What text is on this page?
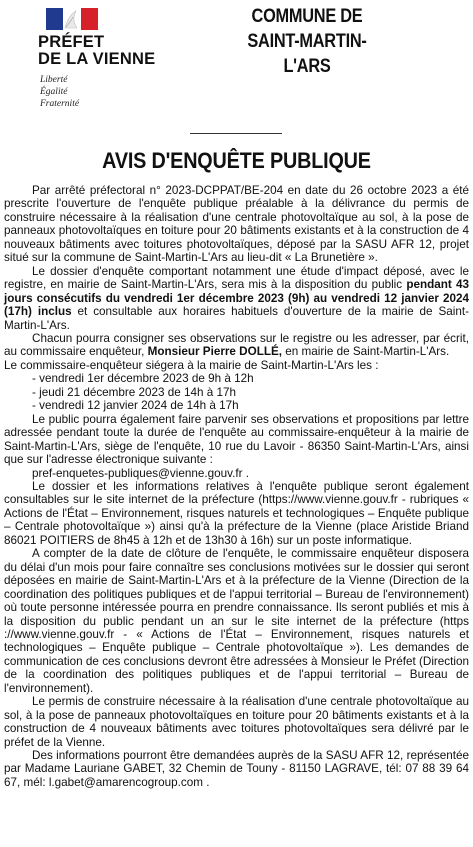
PRÉFET
DE LA VIENNE
Liberté
Égalité
Fraternité
COMMUNE DE
SAINT-MARTIN-L'ARS
AVIS D'ENQUÊTE PUBLIQUE

Par arrêté préfectoral n° 2023-DCPPAT/BE-204 en date du 26 octobre 2023 a été prescrite l'ouverture de l'enquête publique préalable à la délivrance du permis de construire nécessaire à la réalisation d'une centrale photovoltaïque au sol, à la pose de panneaux photovoltaïques en toiture pour 20 bâtiments existants et à la construction de 4 nouveaux bâtiments avec toitures photovoltaïques, déposé par la SASU AFR 12, projet situé sur la commune de Saint-Martin-L'Ars au lieu-dit « La Brunetière ».

Le dossier d'enquête comportant notamment une étude d'impact déposé, avec le registre, en mairie de Saint-Martin-L'Ars, sera mis à la disposition du public pendant 43 jours consécutifs du vendredi 1er décembre 2023 (9h) au vendredi 12 janvier 2024 (17h) inclus et consultable aux horaires habituels d'ouverture de la mairie de Saint-Martin-L'Ars.

Chacun pourra consigner ses observations sur le registre ou les adresser, par écrit, au commissaire enquêteur, Monsieur Pierre DOLLÉ, en mairie de Saint-Martin-L'Ars.

Le commissaire-enquêteur siégera à la mairie de Saint-Martin-L'Ars les :

- vendredi 1er décembre 2023 de 9h à 12h

- jeudi 21 décembre 2023 de 14h à 17h

- vendredi 12 janvier 2024 de 14h à 17h

Le public pourra également faire parvenir ses observations et propositions par lettre adressée pendant toute la durée de l'enquête au commissaire-enquêteur à la mairie de Saint-Martin-L'Ars, siège de l'enquête, 10 rue du Lavoir - 86350 Saint-Martin-L'Ars, ainsi que sur l'adresse électronique suivante :

pref-enquetes-publiques@vienne.gouv.fr .

Le dossier et les informations relatives à l'enquête publique seront également consultables sur le site internet de la préfecture (https://www.vienne.gouv.fr - rubriques « Actions de l'État – Environnement, risques naturels et technologiques – Enquête publique – Centrale photovoltaïque ») ainsi qu'à la préfecture de la Vienne (place Aristide Briand 86021 POITIERS de 8h45 à 12h et de 13h30 à 16h) sur un poste informatique.

A compter de la date de clôture de l'enquête, le commissaire enquêteur disposera du délai d'un mois pour faire connaître ses conclusions motivées sur le dossier qui seront déposées en mairie de Saint-Martin-L'Ars et à la préfecture de la Vienne (Direction de la coordination des politiques publiques et de l'appui territorial – Bureau de l'environnement) où toute personne intéressée pourra en prendre connaissance. Ils seront publiés et mis à la disposition du public pendant un an sur le site internet de la préfecture (https ://www.vienne.gouv.fr - « Actions de l'État – Environnement, risques naturels et technologiques – Enquête publique – Centrale photovoltaïque »). Les demandes de communication de ces conclusions devront être adressées à Monsieur le Préfet (Direction de la coordination des politiques publiques et de l'appui territorial – Bureau de l'environnement).

Le permis de construire nécessaire à la réalisation d'une centrale photovoltaïque au sol, à la pose de panneaux photovoltaïques en toiture pour 20 bâtiments existants et à la construction de 4 nouveaux bâtiments avec toitures photovoltaïques sera délivré par le préfet de la Vienne.

Des informations pourront être demandées auprès de la SASU AFR 12, représentée par Madame Lauriane GABET, 32 Chemin de Touny - 81150 LAGRAVE, tél: 07 88 39 64 67, mél: l.gabet@amarencogroup.com .
